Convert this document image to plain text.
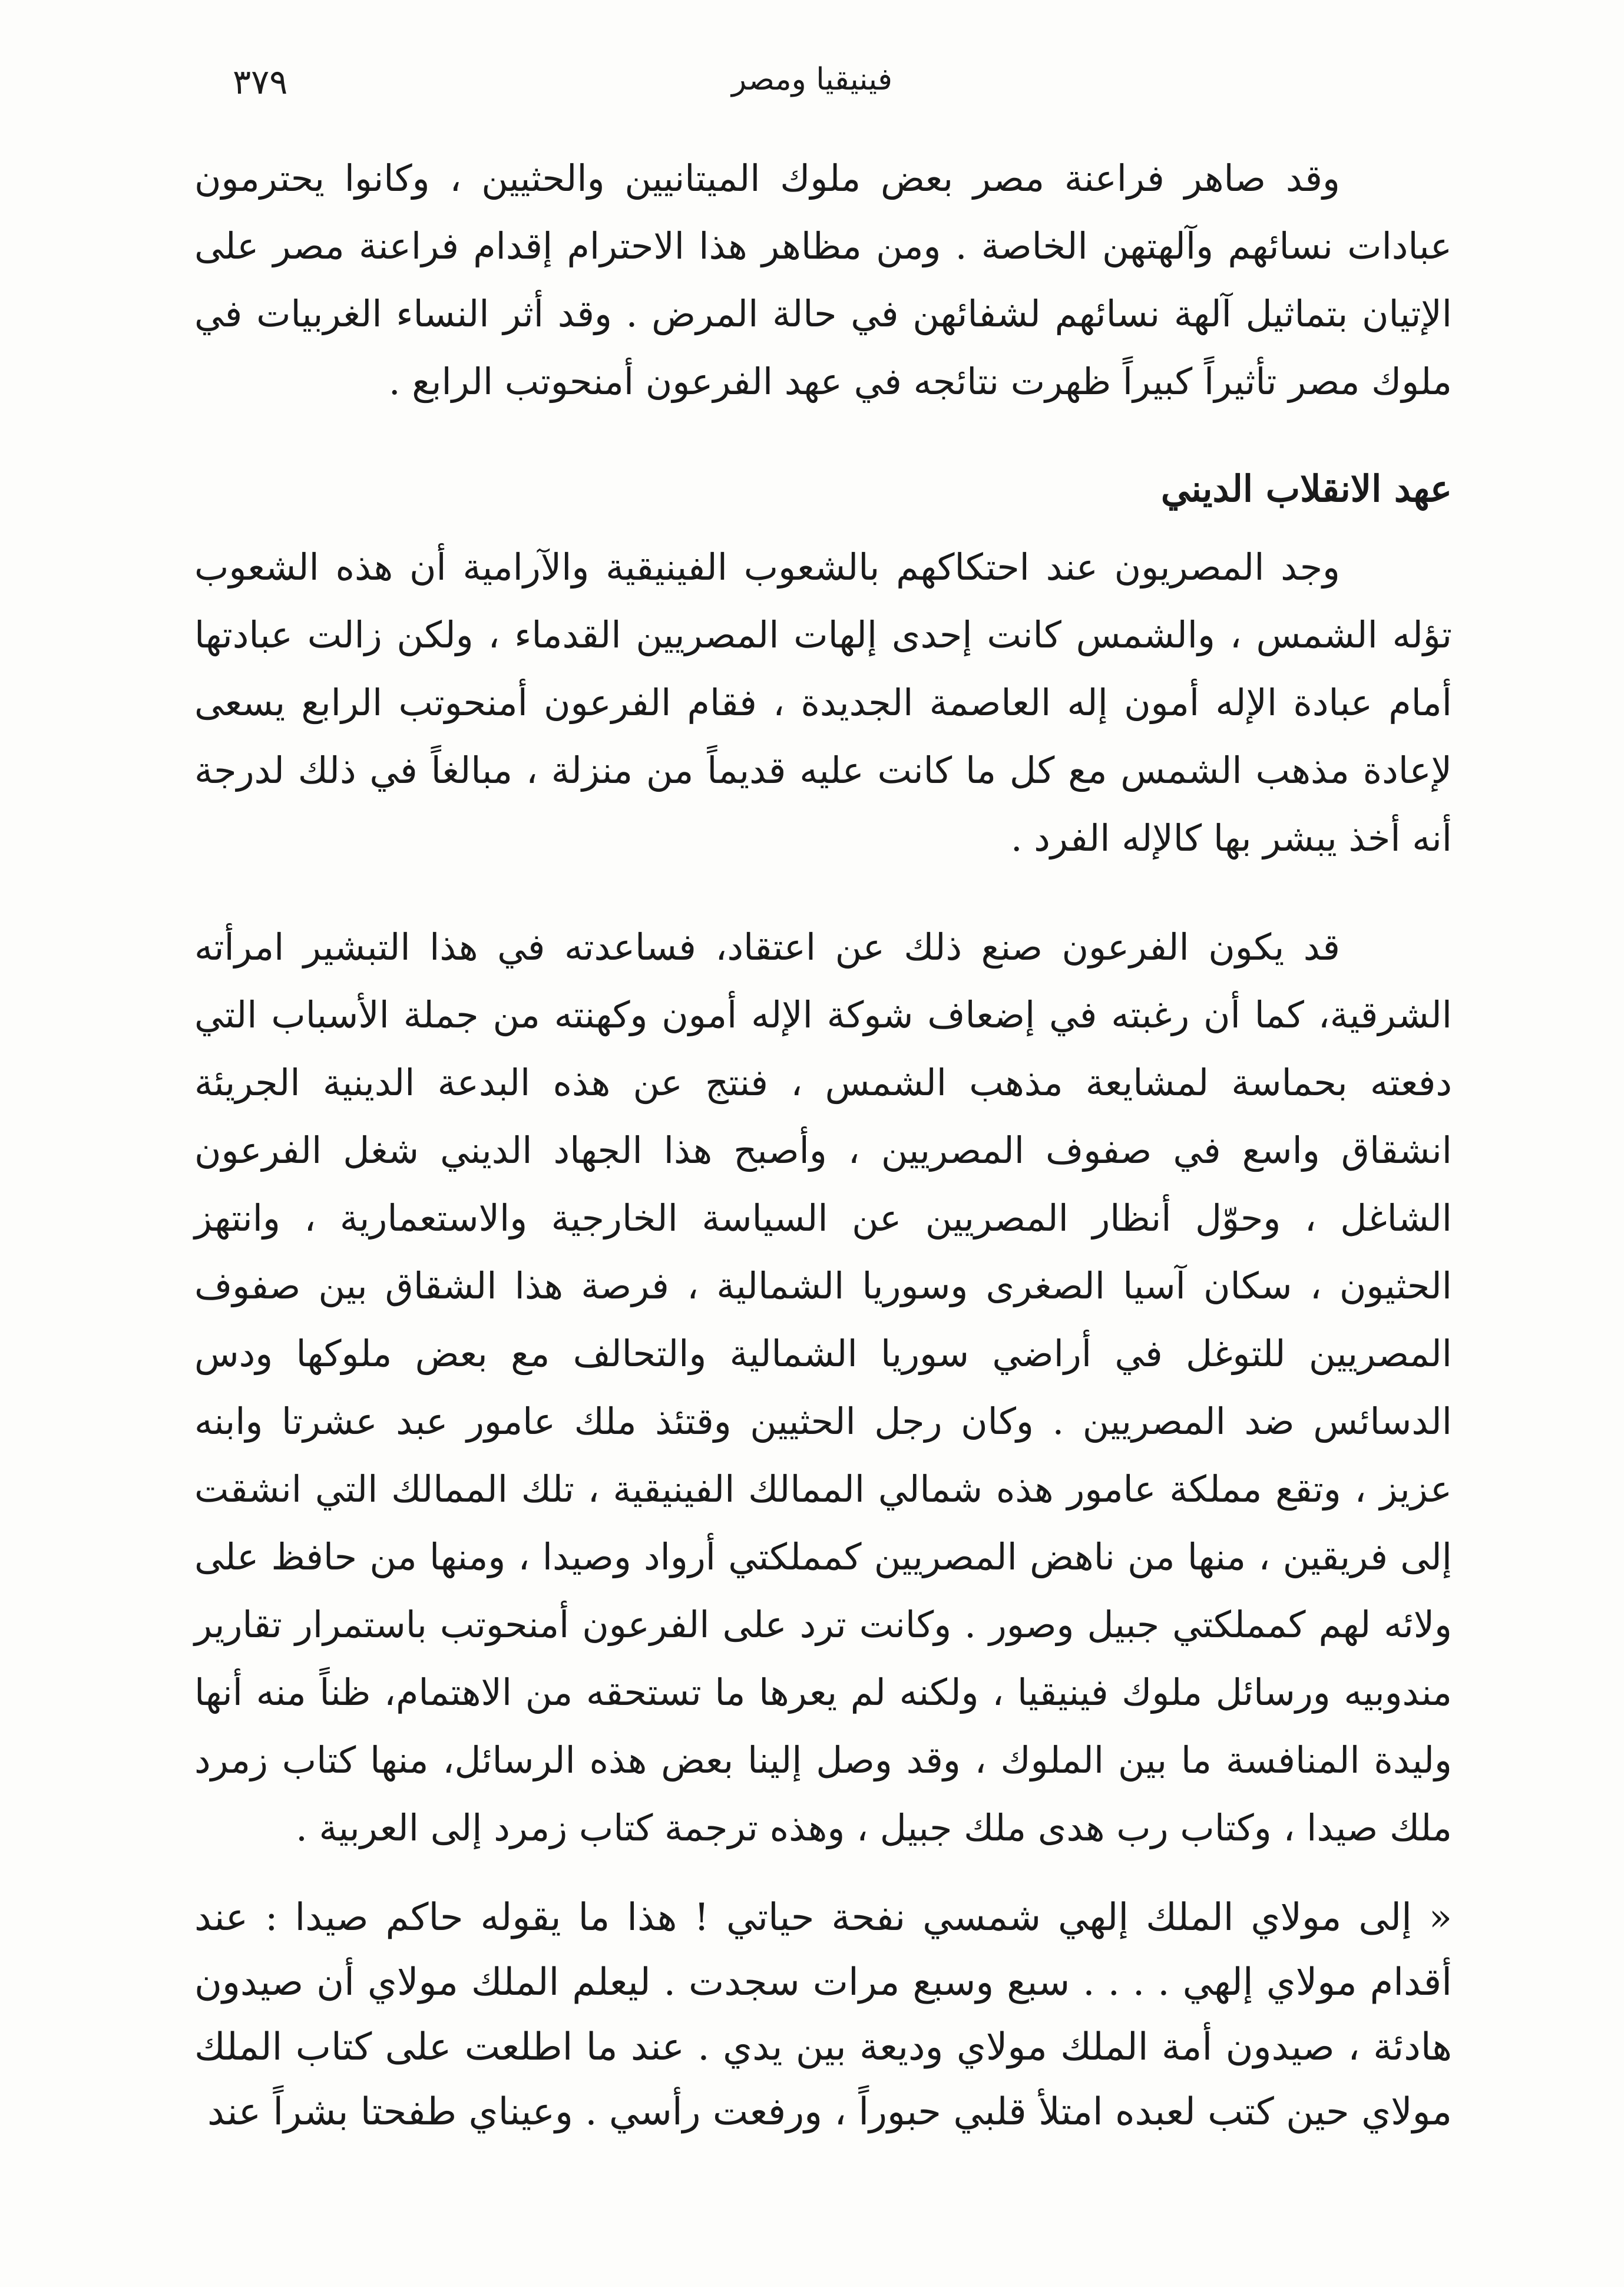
٣٧٩	فينيقيا ومصر

وقد صاهر فراعنة مصر بعض ملوك الميتانيين والحثيين ، وكانوا يحترمون عبادات نسائهم وآلهتهن الخاصة . ومن مظاهر هذا الاحترام إقدام فراعنة مصر على الإتيان بتماثيل آلهة نسائهم لشفائهن في حالة المرض . وقد أثر النساء الغربيات في ملوك مصر تأثيراً كبيراً ظهرت نتائجه في عهد الفرعون أمنحوتب الرابع .

عهد الانقلاب الديني

وجد المصريون عند احتكاكهم بالشعوب الفينيقية والآرامية أن هذه الشعوب تؤله الشمس ، والشمس كانت إحدى إلهات المصريين القدماء ، ولكن زالت عبادتها أمام عبادة الإله أمون إله العاصمة الجديدة ، فقام الفرعون أمنحوتب الرابع يسعى لإعادة مذهب الشمس مع كل ما كانت عليه قديماً من منزلة ، مبالغاً في ذلك لدرجة أنه أخذ يبشر بها كالإله الفرد .

قد يكون الفرعون صنع ذلك عن اعتقاد، فساعدته في هذا التبشير امرأته الشرقية، كما أن رغبته في إضعاف شوكة الإله أمون وكهنته من جملة الأسباب التي دفعته بحماسة لمشايعة مذهب الشمس ، فنتج عن هذه البدعة الدينية الجريئة انشقاق واسع في صفوف المصريين ، وأصبح هذا الجهاد الديني شغل الفرعون الشاغل ، وحوّل أنظار المصريين عن السياسة الخارجية والاستعمارية ، وانتهز الحثيون ، سكان آسيا الصغرى وسوريا الشمالية ، فرصة هذا الشقاق بين صفوف المصريين للتوغل في أراضي سوريا الشمالية والتحالف مع بعض ملوكها ودس الدسائس ضد المصريين . وكان رجل الحثيين وقتئذ ملك عامور عبد عشرتا وابنه عزيز ، وتقع مملكة عامور هذه شمالي الممالك الفينيقية ، تلك الممالك التي انشقت إلى فريقين ، منها من ناهض المصريين كمملكتي أرواد وصيدا ، ومنها من حافظ على ولائه لهم كمملكتي جبيل وصور . وكانت ترد على الفرعون أمنحوتب باستمرار تقارير مندوبيه ورسائل ملوك فينيقيا ، ولكنه لم يعرها ما تستحقه من الاهتمام، ظناً منه أنها وليدة المنافسة ما بين الملوك ، وقد وصل إلينا بعض هذه الرسائل، منها كتاب زمرد ملك صيدا ، وكتاب رب هدى ملك جبيل ، وهذه ترجمة كتاب زمرد إلى العربية .

« إلى مولاي الملك إلهي شمسي نفحة حياتي ! هذا ما يقوله حاكم صيدا : عند أقدام مولاي إلهي . . . . سبع وسبع مرات سجدت . ليعلم الملك مولاي أن صيدون هادئة ، صيدون أمة الملك مولاي وديعة بين يدي . عند ما اطلعت على كتاب الملك مولاي حين كتب لعبده امتلأ قلبي حبوراً ، ورفعت رأسي . وعيناي طفحتا بشراً عند
